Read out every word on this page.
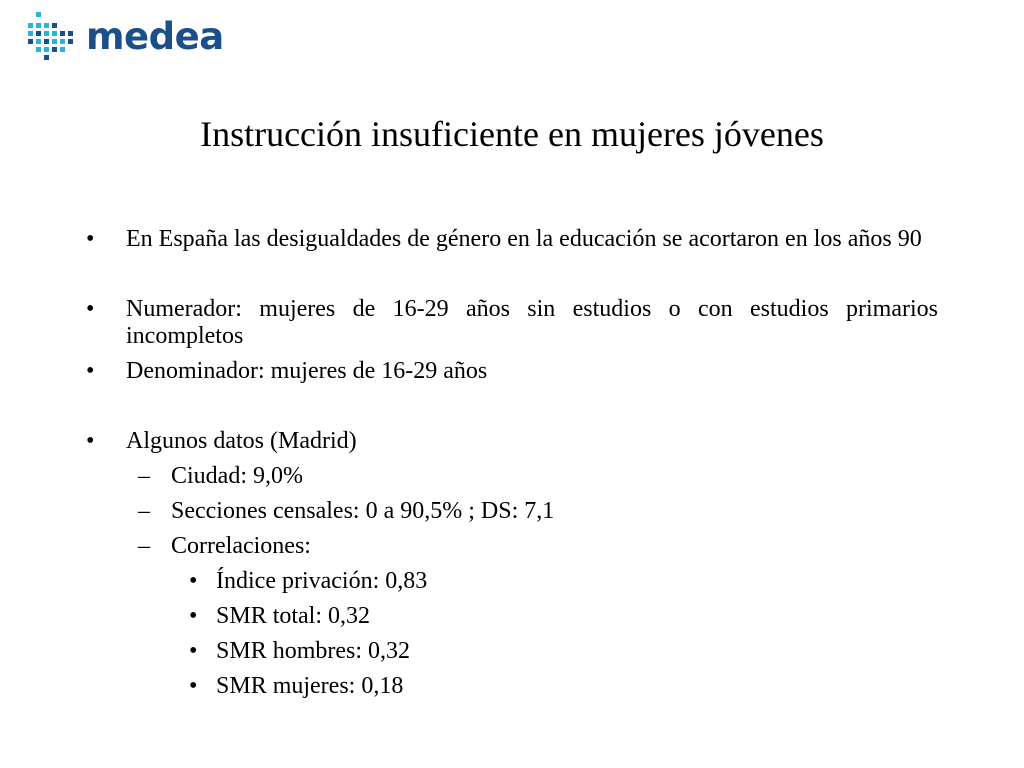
medea
Instrucción insuficiente en mujeres jóvenes
• En España las desigualdades de género en la educación se acortaron en los años 90
• Numerador: mujeres de 16-29 años sin estudios o con estudios primarios incompletos
• Denominador: mujeres de 16-29 años
• Algunos datos (Madrid)
– Ciudad: 9,0%
– Secciones censales: 0 a 90,5% ; DS: 7,1
– Correlaciones:
• Índice privación: 0,83
• SMR total: 0,32
• SMR hombres: 0,32
• SMR mujeres: 0,18
